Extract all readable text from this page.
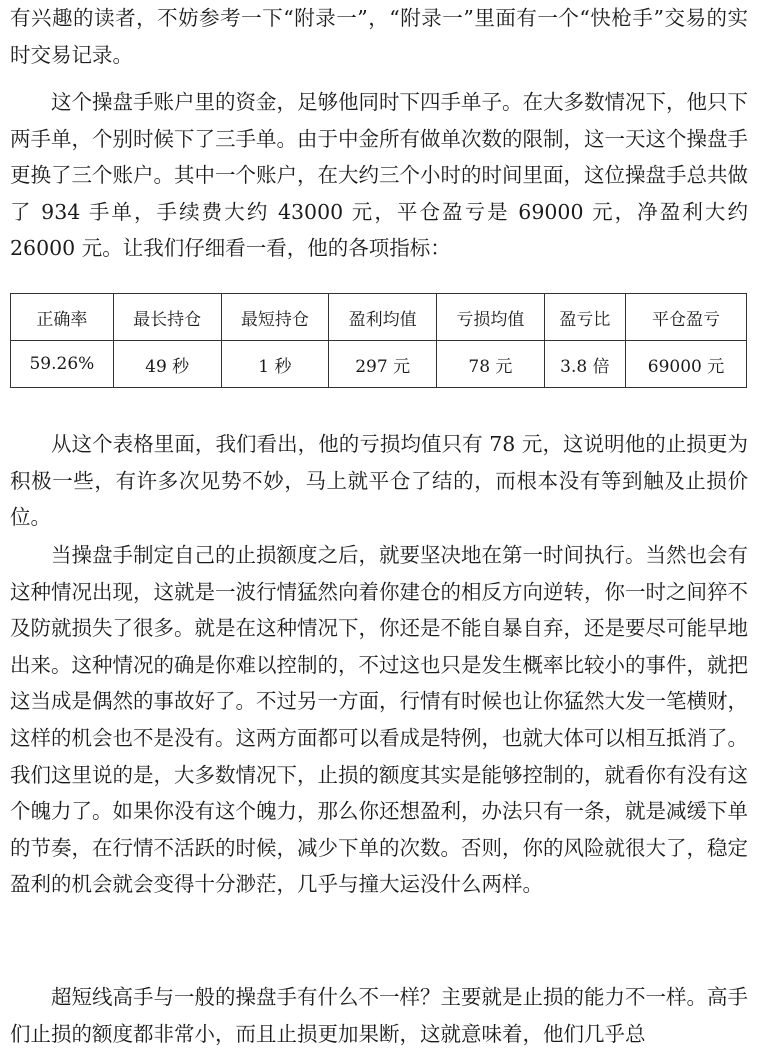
有兴趣的读者，不妨参考一下“附录一”，“附录一”里面有一个“快枪手”交易的实时交易记录。

这个操盘手账户里的资金，足够他同时下四手单子。在大多数情况下，他只下两手单，个别时候下了三手单。由于中金所有做单次数的限制，这一天这个操盘手更换了三个账户。其中一个账户，在大约三个小时的时间里面，这位操盘手总共做了 934 手单，手续费大约 43000 元，平仓盈亏是 69000 元，净盈利大约 26000 元。让我们仔细看一看，他的各项指标：

正确率	最长持仓	最短持仓	盈利均值	亏损均值	盈亏比	平仓盈亏
59.26%	49 秒	1 秒	297 元	78 元	3.8 倍	69000 元

从这个表格里面，我们看出，他的亏损均值只有 78 元，这说明他的止损更为积极一些，有许多次见势不妙，马上就平仓了结的，而根本没有等到触及止损价位。

当操盘手制定自己的止损额度之后，就要坚决地在第一时间执行。当然也会有这种情况出现，这就是一波行情猛然向着你建仓的相反方向逆转，你一时之间猝不及防就损失了很多。就是在这种情况下，你还是不能自暴自弃，还是要尽可能早地出来。这种情况的确是你难以控制的，不过这也只是发生概率比较小的事件，就把这当成是偶然的事故好了。不过另一方面，行情有时候也让你猛然大发一笔横财，这样的机会也不是没有。这两方面都可以看成是特例，也就大体可以相互抵消了。我们这里说的是，大多数情况下，止损的额度其实是能够控制的，就看你有没有这个魄力了。如果你没有这个魄力，那么你还想盈利，办法只有一条，就是减缓下单的节奏，在行情不活跃的时候，减少下单的次数。否则，你的风险就很大了，稳定盈利的机会就会变得十分渺茫，几乎与撞大运没什么两样。

超短线高手与一般的操盘手有什么不一样？主要就是止损的能力不一样。高手们止损的额度都非常小，而且止损更加果断，这就意味着，他们几乎总
